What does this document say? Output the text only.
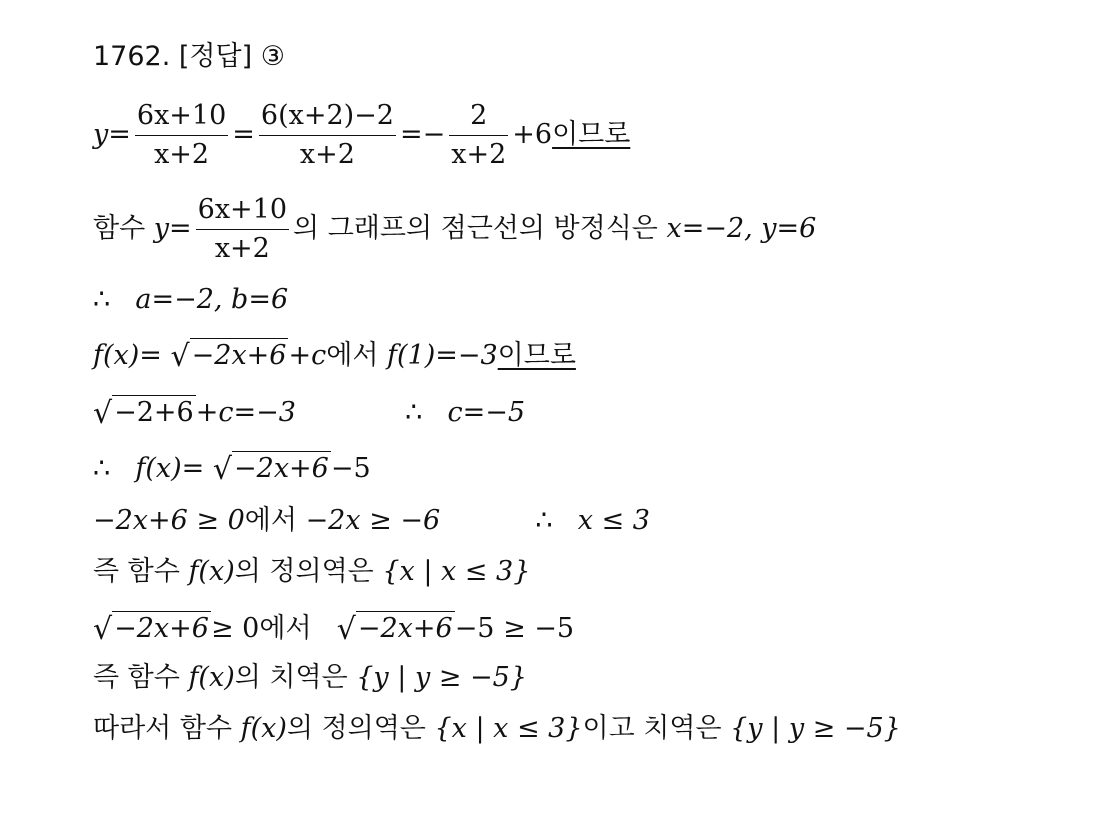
1762. [정답] ③
$y= \frac{6x+10}{x+2} = \frac{6(x+2)-2}{x+2} =- \frac{2}{x+2} +6$이므로
함수 $y= \frac{6x+10}{x+2}$ 의 그래프의 점근선의 방정식은 x=−2, y=6
∴ a=−2, b=6
f(x)= √−2x+6+c에서 f(1)=−3이므로
√−2+6+c=−3	∴ c=−5
∴ f(x)= √−2x+6−5
−2x+6 ≥ 0에서 −2x ≥ −6	∴ x ≤ 3
즉 함수 f(x)의 정의역은 {x | x ≤ 3}
√−2x+6≥ 0에서 √−2x+6−5 ≥ −5
즉 함수 f(x)의 치역은 {y | y ≥ −5}
따라서 함수 f(x)의 정의역은 {x | x ≤ 3}이고 치역은 {y | y ≥ −5}
